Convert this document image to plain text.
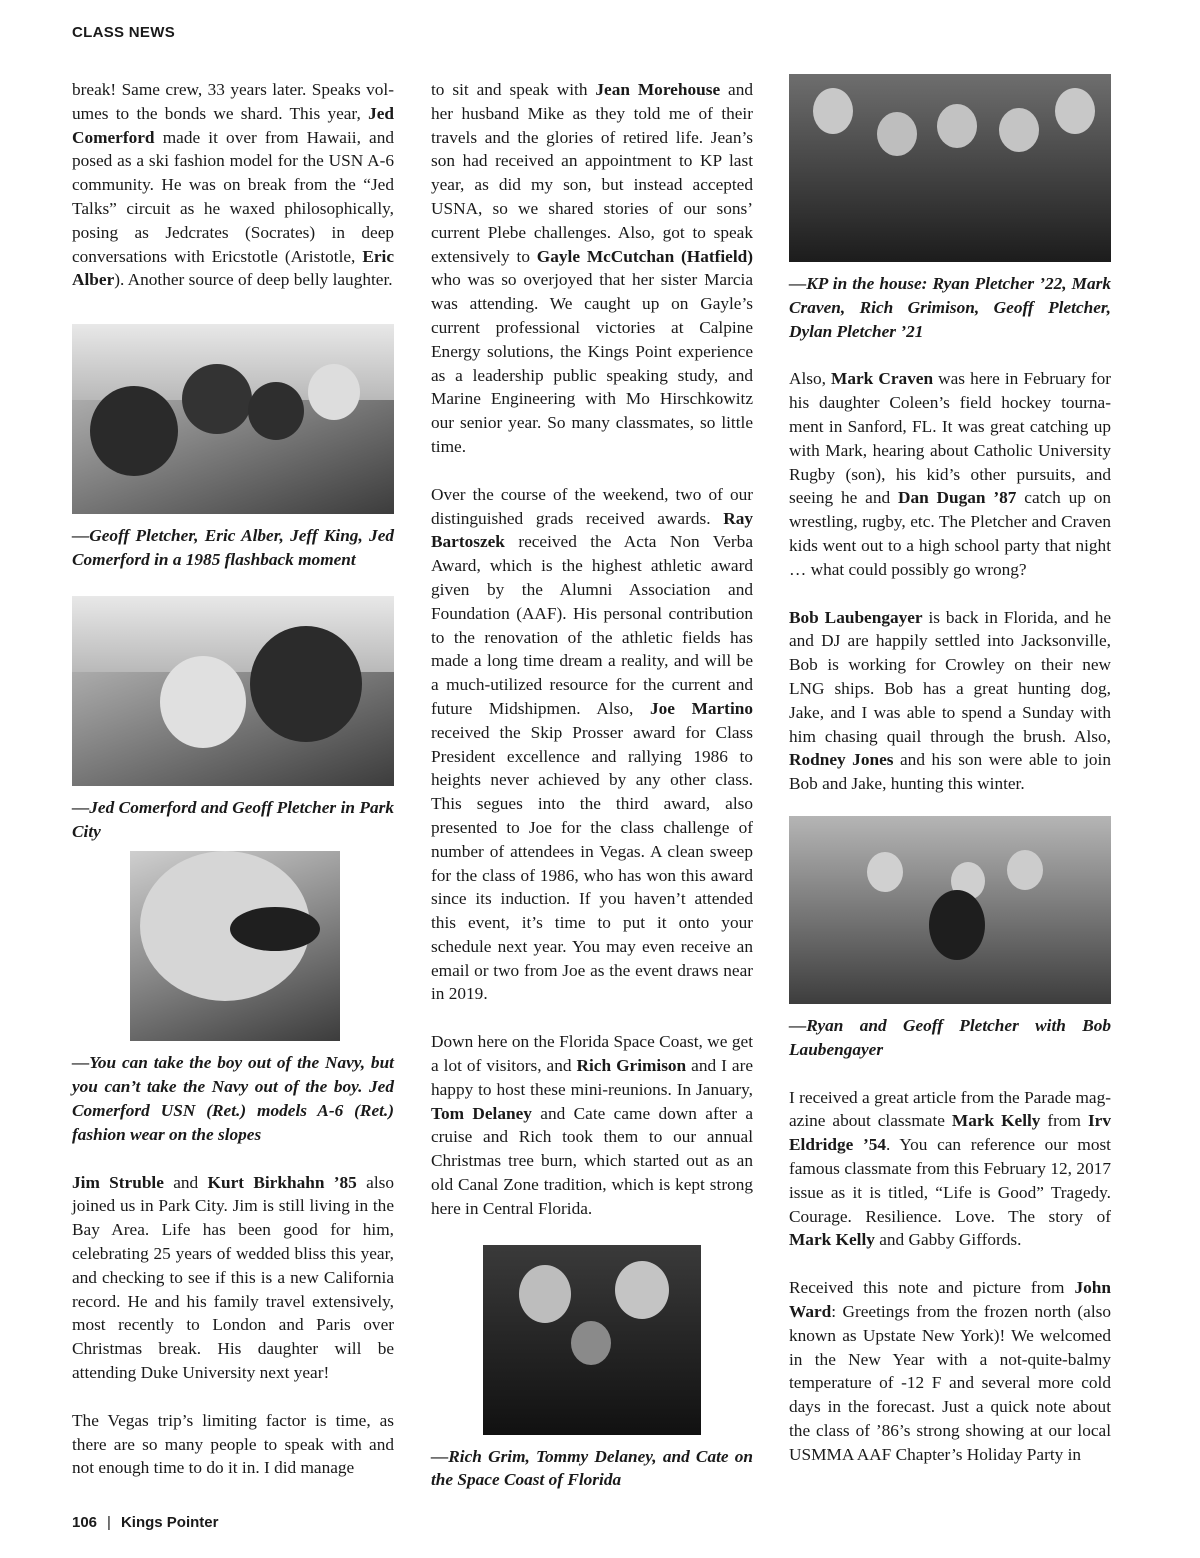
CLASS NEWS

break! Same crew, 33 years later. Speaks volumes to the bonds we shard. This year, Jed Comerford made it over from Hawaii, and posed as a ski fashion model for the USN A-6 community. He was on break from the “Jed Talks” circuit as he waxed philosophically, posing as Jedcrates (Socrates) in deep conversations with Ericstotle (Aristotle, Eric Alber). Another source of deep belly laughter.

—Geoff Pletcher, Eric Alber, Jeff King, Jed Comerford in a 1985 flashback moment

—Jed Comerford and Geoff Pletcher in Park City

—You can take the boy out of the Navy, but you can’t take the Navy out of the boy. Jed Comerford USN (Ret.) models A-6 (Ret.) fashion wear on the slopes

Jim Struble and Kurt Birkhahn ’85 also joined us in Park City. Jim is still living in the Bay Area. Life has been good for him, celebrating 25 years of wedded bliss this year, and checking to see if this is a new California record. He and his family travel extensively, most recently to London and Paris over Christmas break. His daughter will be attending Duke University next year!

The Vegas trip’s limiting factor is time, as there are so many people to speak with and not enough time to do it in. I did manage

to sit and speak with Jean Morehouse and her husband Mike as they told me of their travels and the glories of retired life. Jean’s son had received an appointment to KP last year, as did my son, but instead accepted USNA, so we shared stories of our sons’ current Plebe challenges. Also, got to speak extensively to Gayle McCutchan (Hatfield) who was so overjoyed that her sister Marcia was attending. We caught up on Gayle’s current professional victories at Calpine Energy solutions, the Kings Point experience as a leadership public speaking study, and Marine Engineering with Mo Hirschkowitz our senior year. So many classmates, so little time.

Over the course of the weekend, two of our distinguished grads received awards. Ray Bartoszek received the Acta Non Verba Award, which is the highest athletic award given by the Alumni Association and Foundation (AAF). His personal contribution to the renovation of the athletic fields has made a long time dream a reality, and will be a much-utilized resource for the current and future Midshipmen. Also, Joe Martino received the Skip Prosser award for Class President excellence and rallying 1986 to heights never achieved by any other class. This segues into the third award, also presented to Joe for the class challenge of number of attendees in Vegas. A clean sweep for the class of 1986, who has won this award since its induction. If you haven’t attended this event, it’s time to put it onto your schedule next year. You may even receive an email or two from Joe as the event draws near in 2019.

Down here on the Florida Space Coast, we get a lot of visitors, and Rich Grimison and I are happy to host these mini-reunions. In January, Tom Delaney and Cate came down after a cruise and Rich took them to our annual Christmas tree burn, which started out as an old Canal Zone tradition, which is kept strong here in Central Florida.

—Rich Grim, Tommy Delaney, and Cate on the Space Coast of Florida

—KP in the house: Ryan Pletcher ’22, Mark Craven, Rich Grimison, Geoff Pletcher, Dylan Pletcher ’21

Also, Mark Craven was here in February for his daughter Coleen’s field hockey tournament in Sanford, FL. It was great catching up with Mark, hearing about Catholic University Rugby (son), his kid’s other pursuits, and seeing he and Dan Dugan ’87 catch up on wrestling, rugby, etc. The Pletcher and Craven kids went out to a high school party that night … what could possibly go wrong?

Bob Laubengayer is back in Florida, and he and DJ are happily settled into Jacksonville, Bob is working for Crowley on their new LNG ships. Bob has a great hunting dog, Jake, and I was able to spend a Sunday with him chasing quail through the brush. Also, Rodney Jones and his son were able to join Bob and Jake, hunting this winter.

—Ryan and Geoff Pletcher with Bob Laubengayer

I received a great article from the Parade magazine about classmate Mark Kelly from Irv Eldridge ’54. You can reference our most famous classmate from this February 12, 2017 issue as it is titled, “Life is Good” Tragedy. Courage. Resilience. Love. The story of Mark Kelly and Gabby Giffords.

Received this note and picture from John Ward: Greetings from the frozen north (also known as Upstate New York)! We welcomed in the New Year with a not-quite-balmy temperature of -12 F and several more cold days in the forecast. Just a quick note about the class of ’86’s strong showing at our local USMMA AAF Chapter’s Holiday Party in

106 | Kings Pointer
